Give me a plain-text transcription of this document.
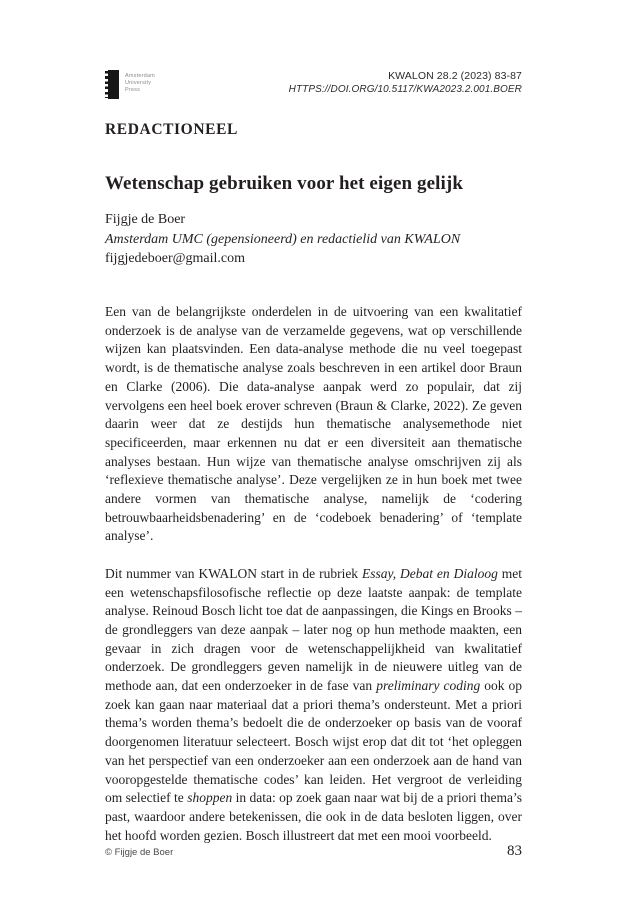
Amsterdam
University
Press
KWALON 28.2 (2023) 83-87
HTTPS://DOI.ORG/10.5117/KWA2023.2.001.BOER
REDACTIONEEL
Wetenschap gebruiken voor het eigen gelijk
Fijgje de Boer
Amsterdam UMC (gepensioneerd) en redactielid van KWALON
fijgjedeboer@gmail.com

Een van de belangrijkste onderdelen in de uitvoering van een kwalitatief onderzoek is de analyse van de verzamelde gegevens, wat op verschillende wijzen kan plaatsvinden. Een data-analyse methode die nu veel toegepast wordt, is de thematische analyse zoals beschreven in een artikel door Braun en Clarke (2006). Die data-analyse aanpak werd zo populair, dat zij vervolgens een heel boek erover schreven (Braun & Clarke, 2022). Ze geven daarin weer dat ze destijds hun thematische analysemethode niet specificeerden, maar erkennen nu dat er een diversiteit aan thematische analyses bestaan. Hun wijze van thematische analyse omschrijven zij als ‘reflexieve thematische analyse’. Deze vergelijken ze in hun boek met twee andere vormen van thematische analyse, namelijk de ‘codering betrouwbaarheidsbenadering’ en de ‘codeboek benadering’ of ‘template analyse’.

Dit nummer van KWALON start in de rubriek Essay, Debat en Dialoog met een wetenschapsfilosofische reflectie op deze laatste aanpak: de template analyse. Reinoud Bosch licht toe dat de aanpassingen, die Kings en Brooks – de grondleggers van deze aanpak – later nog op hun methode maakten, een gevaar in zich dragen voor de wetenschappelijkheid van kwalitatief onderzoek. De grondleggers geven namelijk in de nieuwere uitleg van de methode aan, dat een onderzoeker in de fase van preliminary coding ook op zoek kan gaan naar materiaal dat a priori thema’s ondersteunt. Met a priori thema’s worden thema’s bedoelt die de onderzoeker op basis van de vooraf doorgenomen literatuur selecteert. Bosch wijst erop dat dit tot ‘het opleggen van het perspectief van een onderzoeker aan een onderzoek aan de hand van vooropgestelde thematische codes’ kan leiden. Het vergroot de verleiding om selectief te shoppen in data: op zoek gaan naar wat bij de a priori thema’s past, waardoor andere betekenissen, die ook in de data besloten liggen, over het hoofd worden gezien. Bosch illustreert dat met een mooi voorbeeld.

© Fijgje de Boer	83
